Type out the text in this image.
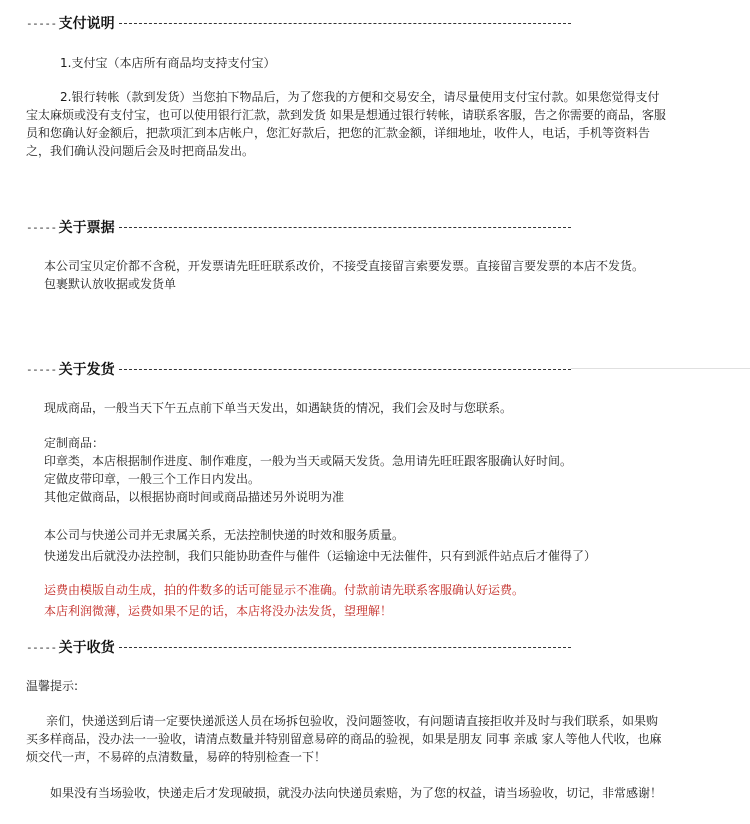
----- 支付说明

1.支付宝（本店所有商品均支持支付宝）

2.银行转帐（款到发货）当您拍下物品后，为了您我的方便和交易安全，请尽量使用支付宝付款。如果您觉得支付

宝太麻烦或没有支付宝，也可以使用银行汇款，款到发货 如果是想通过银行转帐，请联系客服，告之你需要的商品，客服

员和您确认好金额后，把款项汇到本店帐户，您汇好款后，把您的汇款金额，详细地址，收件人，电话，手机等资料告

之，我们确认没问题后会及时把商品发出。

----- 关于票据

本公司宝贝定价都不含税，开发票请先旺旺联系改价，不接受直接留言索要发票。直接留言要发票的本店不发货。

包裹默认放收据或发货单

----- 关于发货

现成商品，一般当天下午五点前下单当天发出，如遇缺货的情况，我们会及时与您联系。

定制商品：

印章类，本店根据制作进度、制作难度，一般为当天或隔天发货。急用请先旺旺跟客服确认好时间。

定做皮带印章，一般三个工作日内发出。

其他定做商品，以根据协商时间或商品描述另外说明为准

本公司与快递公司并无隶属关系，无法控制快递的时效和服务质量。

快递发出后就没办法控制，我们只能协助查件与催件（运输途中无法催件，只有到派件站点后才催得了）

运费由模版自动生成，拍的件数多的话可能显示不准确。付款前请先联系客服确认好运费。

本店利润微薄，运费如果不足的话，本店将没办法发货，望理解！

----- 关于收货

温馨提示:

亲们，快递送到后请一定要快递派送人员在场拆包验收，没问题签收，有问题请直接拒收并及时与我们联系，如果购

买多样商品，没办法一一验收，请清点数量并特别留意易碎的商品的验视，如果是朋友 同事 亲戚 家人等他人代收，也麻

烦交代一声，不易碎的点清数量，易碎的特别检查一下！

如果没有当场验收，快递走后才发现破损，就没办法向快递员索赔，为了您的权益，请当场验收，切记，非常感谢！
